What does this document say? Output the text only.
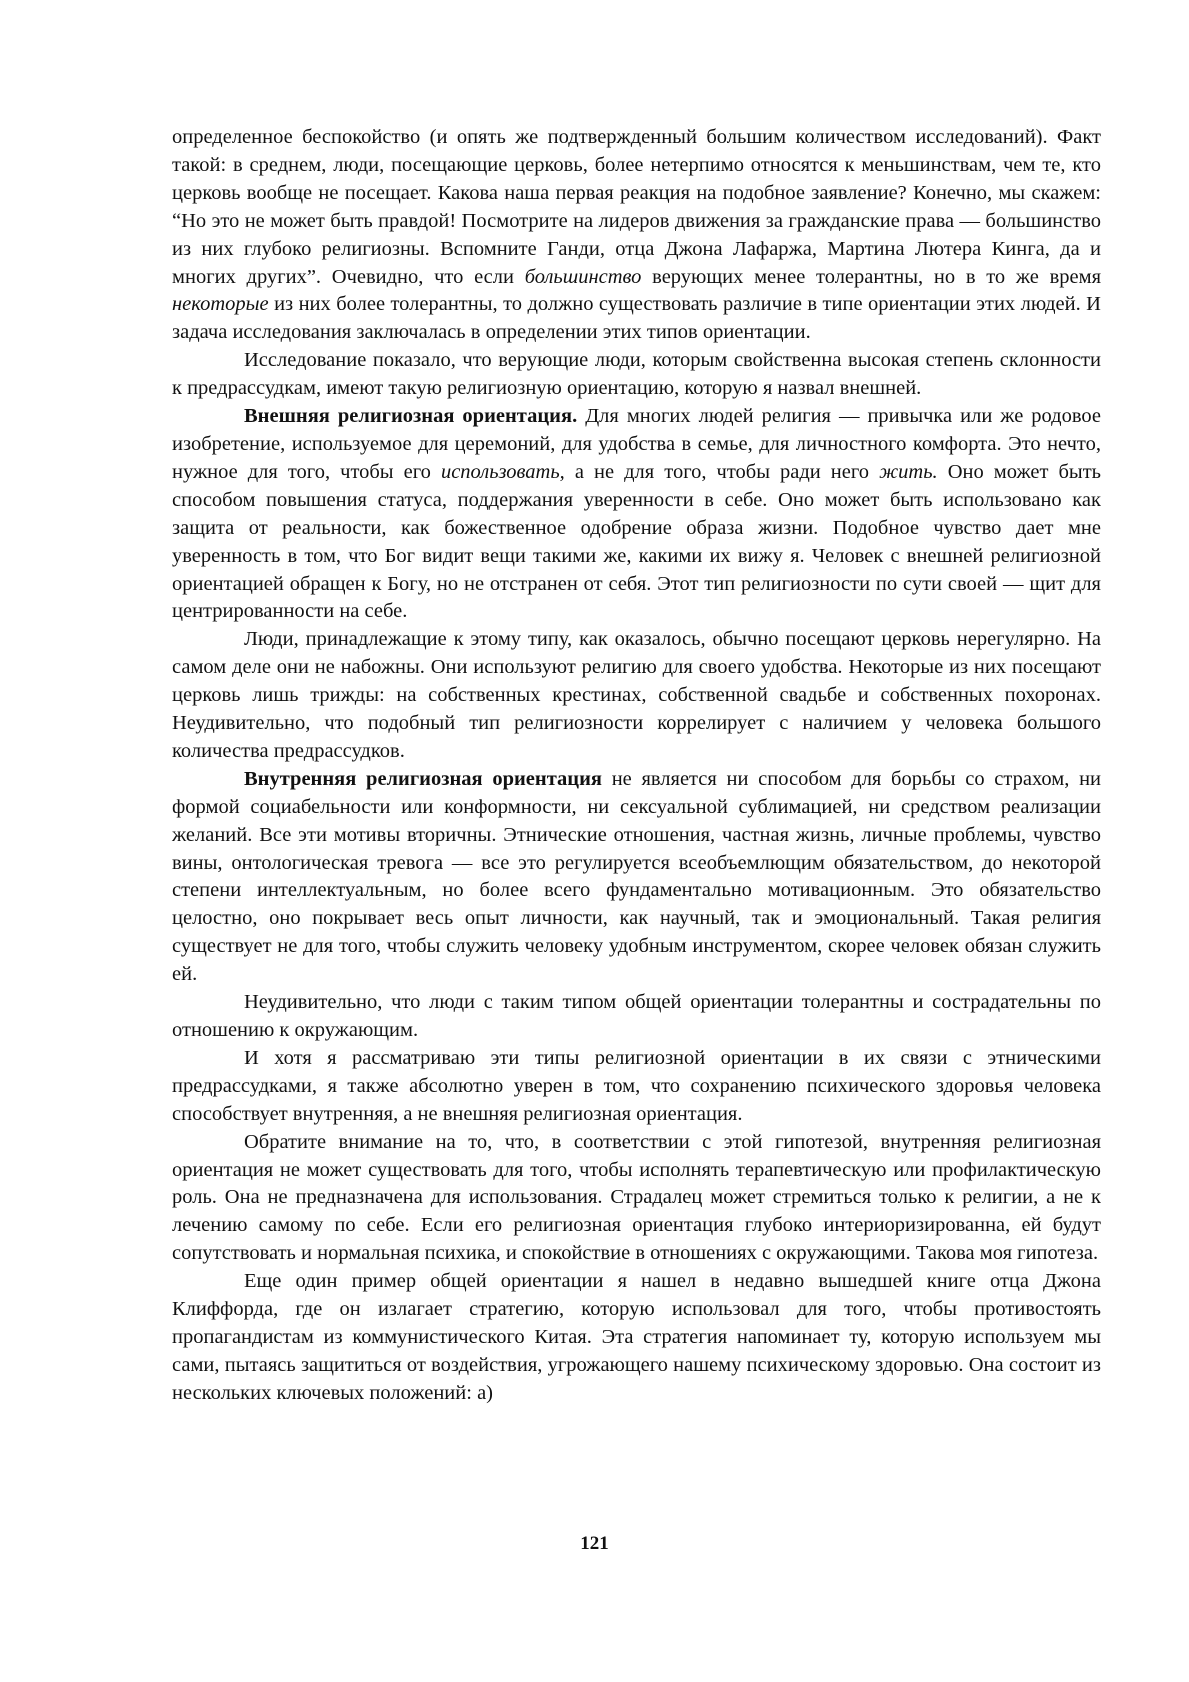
определенное беспокойство (и опять же подтвержденный большим количеством исследований). Факт такой: в среднем, люди, посещающие церковь, более нетерпимо относятся к меньшинствам, чем те, кто церковь вообще не посещает. Какова наша первая реакция на подобное заявление? Конечно, мы скажем: “Но это не может быть правдой! Посмотрите на лидеров движения за гражданские права — большинство из них глубоко религиозны. Вспомните Ганди, отца Джона Лафаржа, Мартина Лютера Кинга, да и многих других”. Очевидно, что если большинство верующих менее толерантны, но в то же время некоторые из них более толерантны, то должно существовать различие в типе ориентации этих людей. И задача исследования заключалась в определении этих типов ориентации.

Исследование показало, что верующие люди, которым свойственна высокая степень склонности к предрассудкам, имеют такую религиозную ориентацию, которую я назвал внешней.

Внешняя религиозная ориентация. Для многих людей религия — привычка или же родовое изобретение, используемое для церемоний, для удобства в семье, для личностного комфорта. Это нечто, нужное для того, чтобы его использовать, а не для того, чтобы ради него жить. Оно может быть способом повышения статуса, поддержания уверенности в себе. Оно может быть использовано как защита от реальности, как божественное одобрение образа жизни. Подобное чувство дает мне уверенность в том, что Бог видит вещи такими же, какими их вижу я. Человек с внешней религиозной ориентацией обращен к Богу, но не отстранен от себя. Этот тип религиозности по сути своей — щит для центрированности на себе.

Люди, принадлежащие к этому типу, как оказалось, обычно посещают церковь нерегулярно. На самом деле они не набожны. Они используют религию для своего удобства. Некоторые из них посещают церковь лишь трижды: на собственных крестинах, собственной свадьбе и собственных похоронах. Неудивительно, что подобный тип религиозности коррелирует с наличием у человека большого количества предрассудков.

Внутренняя религиозная ориентация не является ни способом для борьбы со страхом, ни формой социабельности или конформности, ни сексуальной сублимацией, ни средством реализации желаний. Все эти мотивы вторичны. Этнические отношения, частная жизнь, личные проблемы, чувство вины, онтологическая тревога — все это регулируется всеобъемлющим обязательством, до некоторой степени интеллектуальным, но более всего фундаментально мотивационным. Это обязательство целостно, оно покрывает весь опыт личности, как научный, так и эмоциональный. Такая религия существует не для того, чтобы служить человеку удобным инструментом, скорее человек обязан служить ей.

Неудивительно, что люди с таким типом общей ориентации толерантны и сострадательны по отношению к окружающим.

И хотя я рассматриваю эти типы религиозной ориентации в их связи с этническими предрассудками, я также абсолютно уверен в том, что сохранению психического здоровья человека способствует внутренняя, а не внешняя религиозная ориентация.

Обратите внимание на то, что, в соответствии с этой гипотезой, внутренняя религиозная ориентация не может существовать для того, чтобы исполнять терапевтическую или профилактическую роль. Она не предназначена для использования. Страдалец может стремиться только к религии, а не к лечению самому по себе. Если его религиозная ориентация глубоко интериоризированна, ей будут сопутствовать и нормальная психика, и спокойствие в отношениях с окружающими. Такова моя гипотеза.

Еще один пример общей ориентации я нашел в недавно вышедшей книге отца Джона Клиффорда, где он излагает стратегию, которую использовал для того, чтобы противостоять пропагандистам из коммунистического Китая. Эта стратегия напоминает ту, которую используем мы сами, пытаясь защититься от воздействия, угрожающего нашему психическому здоровью. Она состоит из нескольких ключевых положений: а)

121
